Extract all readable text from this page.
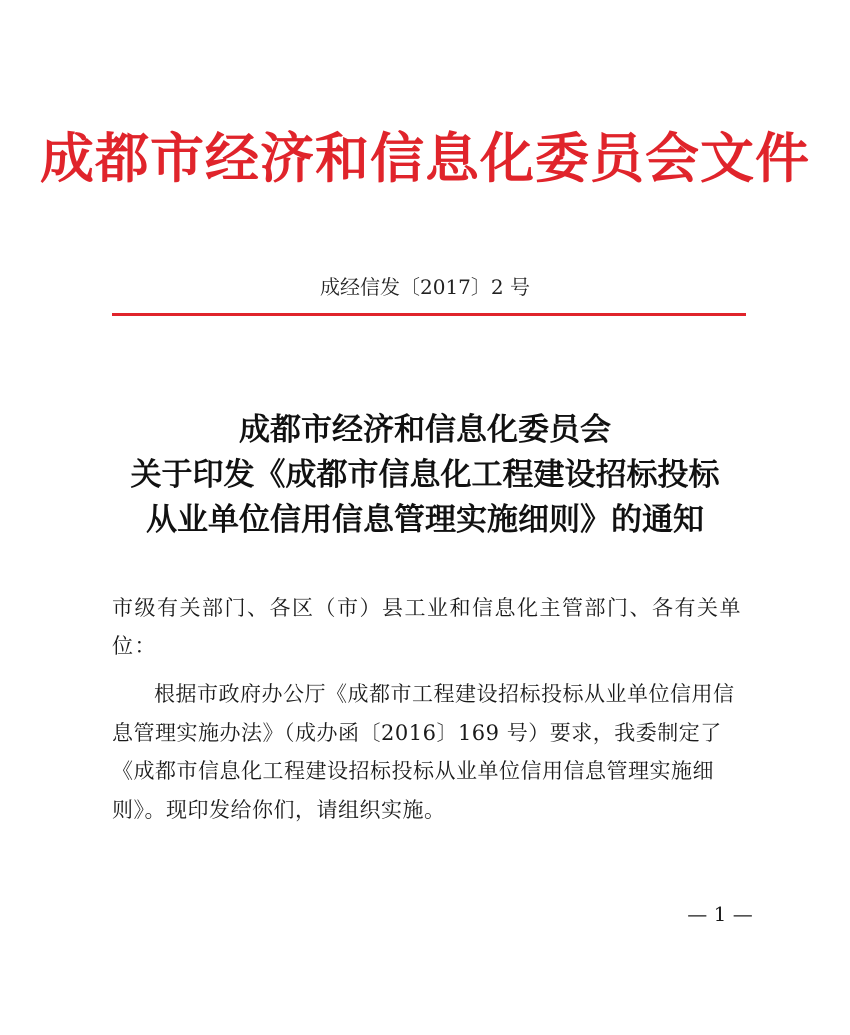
成都市经济和信息化委员会文件
成经信发〔2017〕2 号
成都市经济和信息化委员会
关于印发《成都市信息化工程建设招标投标
从业单位信用信息管理实施细则》的通知
市级有关部门、各区（市）县工业和信息化主管部门、各有关单位：
根据市政府办公厅《成都市工程建设招标投标从业单位信用信息管理实施办法》（成办函〔2016〕169 号）要求，我委制定了《成都市信息化工程建设招标投标从业单位信用信息管理实施细则》。现印发给你们，请组织实施。
— 1 —
